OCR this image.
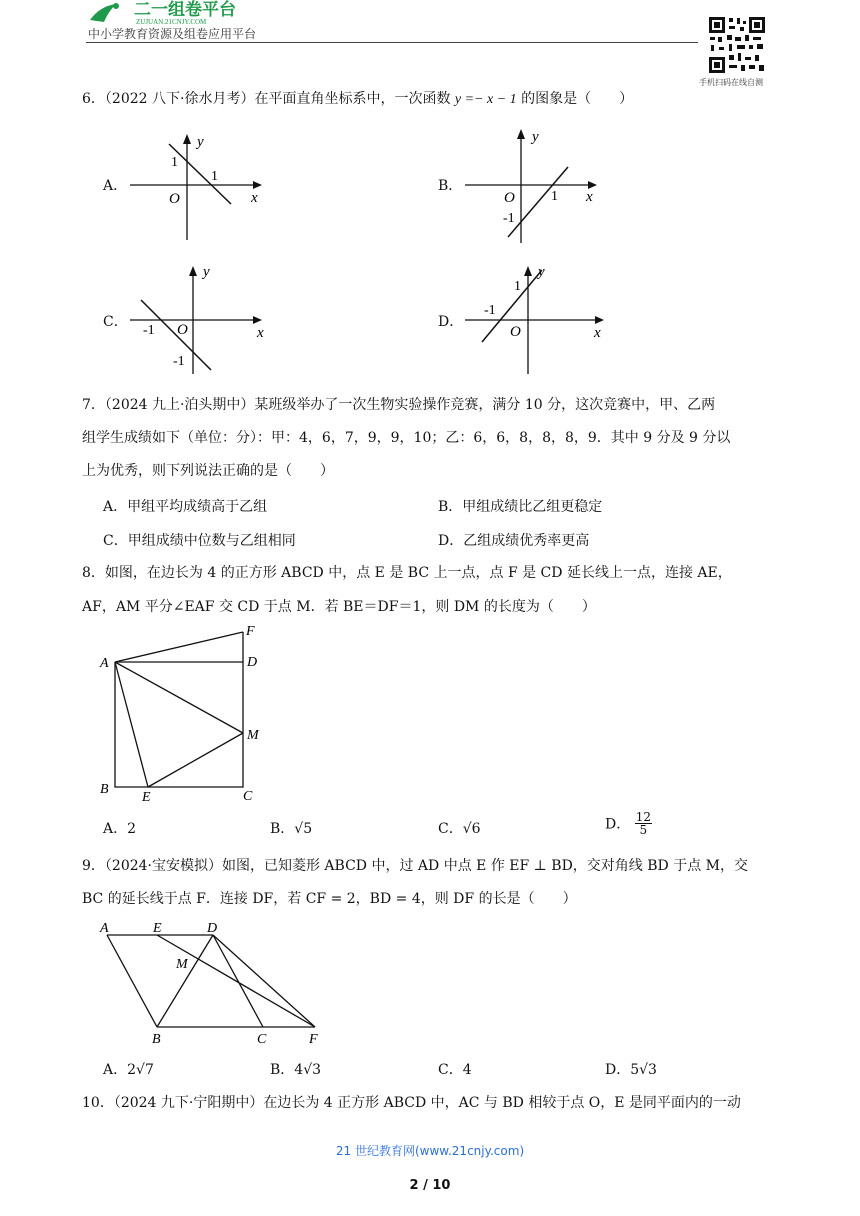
二一组卷平台
ZUJUAN.21CNJY.COM
中小学教育资源及组卷应用平台
手机扫码在线自测
6．（2022 八下·徐水月考）在平面直角坐标系中，一次函数 y =− x − 1 的图象是（　　）
A．
1
1
O	x
y
B．
O	1
-1
x
y
C．
-1 O
-1
x
y
D．
1
-1
O	x
y
7．（2024 九上·泊头期中）某班级举办了一次生物实验操作竞赛，满分 10 分，这次竞赛中，甲、乙两
组学生成绩如下（单位：分）：甲：4，6，7，9，9，10；乙：6，6，8，8，8，9．其中 9 分及 9 分以
上为优秀，则下列说法正确的是（　　）
A．甲组平均成绩高于乙组	B．甲组成绩比乙组更稳定
C．甲组成绩中位数与乙组相同	D．乙组成绩优秀率更高
8．如图，在边长为 4 的正方形 ABCD 中，点 E 是 BC 上一点，点 F 是 CD 延长线上一点，连接 AE，
AF，AM 平分∠EAF 交 CD 于点 M．若 BE＝DF＝1，则 DM 的长度为（　　）
F
A	D
M
B
E	C
A．2	B．√5	C．√6	D． $\frac{12}{5}$
9．（2024·宝安模拟）如图，已知菱形 ABCD 中，过 AD 中点 E 作 EF ⊥ BD，交对角线 BD 于点 M，交
BC 的延长线于点 F．连接 DF，若 CF = 2，BD = 4，则 DF 的长是（　　）
A	E	D
M
B	C	F
A．2√7	B．4√3	C．4	D．5√3
10．（2024 九下·宁阳期中）在边长为 4 正方形 ABCD 中，AC 与 BD 相较于点 O，E 是同平面内的一动
21 世纪教育网(www.21cnjy.com)
2 / 10
